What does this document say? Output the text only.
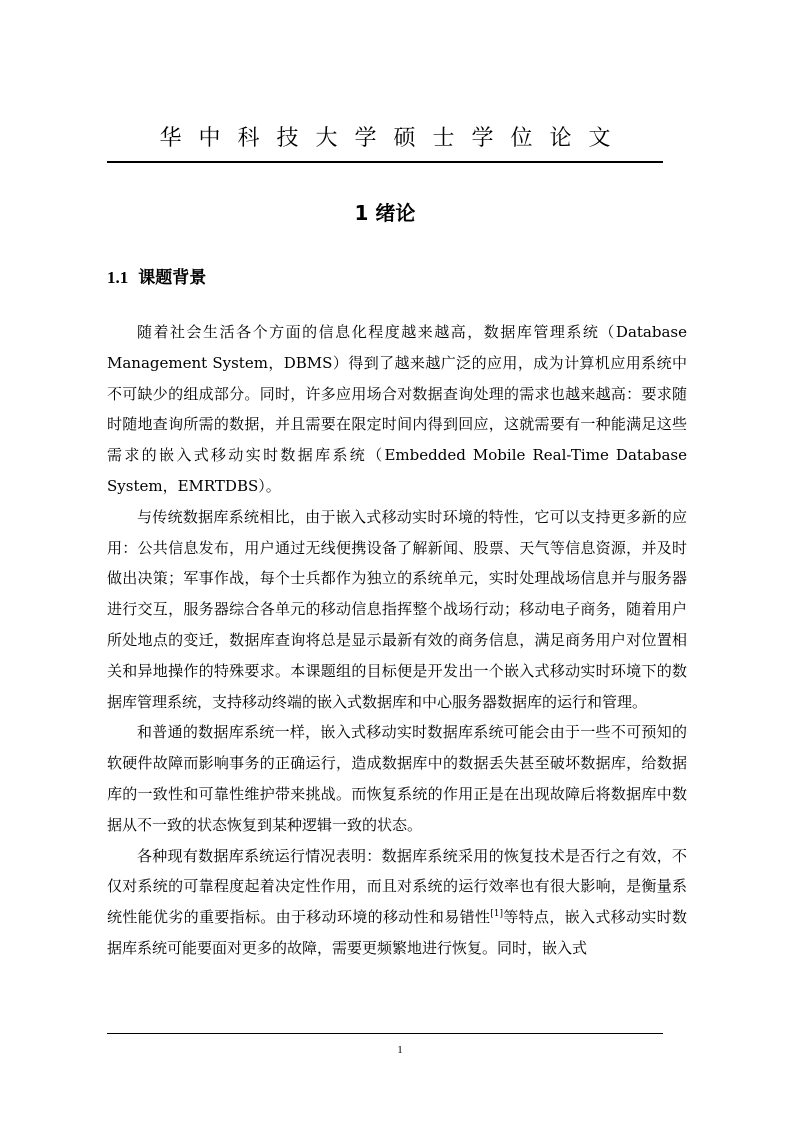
华中科技大学硕士学位论文
1 绪论
1.1 课题背景

随着社会生活各个方面的信息化程度越来越高，数据库管理系统（Database Management System，DBMS）得到了越来越广泛的应用，成为计算机应用系统中不可缺少的组成部分。同时，许多应用场合对数据查询处理的需求也越来越高：要求随时随地查询所需的数据，并且需要在限定时间内得到回应，这就需要有一种能满足这些需求的嵌入式移动实时数据库系统（Embedded Mobile Real-Time Database System，EMRTDBS）。

与传统数据库系统相比，由于嵌入式移动实时环境的特性，它可以支持更多新的应用：公共信息发布，用户通过无线便携设备了解新闻、股票、天气等信息资源，并及时做出决策；军事作战，每个士兵都作为独立的系统单元，实时处理战场信息并与服务器进行交互，服务器综合各单元的移动信息指挥整个战场行动；移动电子商务，随着用户所处地点的变迁，数据库查询将总是显示最新有效的商务信息，满足商务用户对位置相关和异地操作的特殊要求。本课题组的目标便是开发出一个嵌入式移动实时环境下的数据库管理系统，支持移动终端的嵌入式数据库和中心服务器数据库的运行和管理。

和普通的数据库系统一样，嵌入式移动实时数据库系统可能会由于一些不可预知的软硬件故障而影响事务的正确运行，造成数据库中的数据丢失甚至破坏数据库，给数据库的一致性和可靠性维护带来挑战。而恢复系统的作用正是在出现故障后将数据库中数据从不一致的状态恢复到某种逻辑一致的状态。

各种现有数据库系统运行情况表明：数据库系统采用的恢复技术是否行之有效，不仅对系统的可靠程度起着决定性作用，而且对系统的运行效率也有很大影响，是衡量系统性能优劣的重要指标。由于移动环境的移动性和易错性[1]等特点，嵌入式移动实时数据库系统可能要面对更多的故障，需要更频繁地进行恢复。同时，嵌入式

1
